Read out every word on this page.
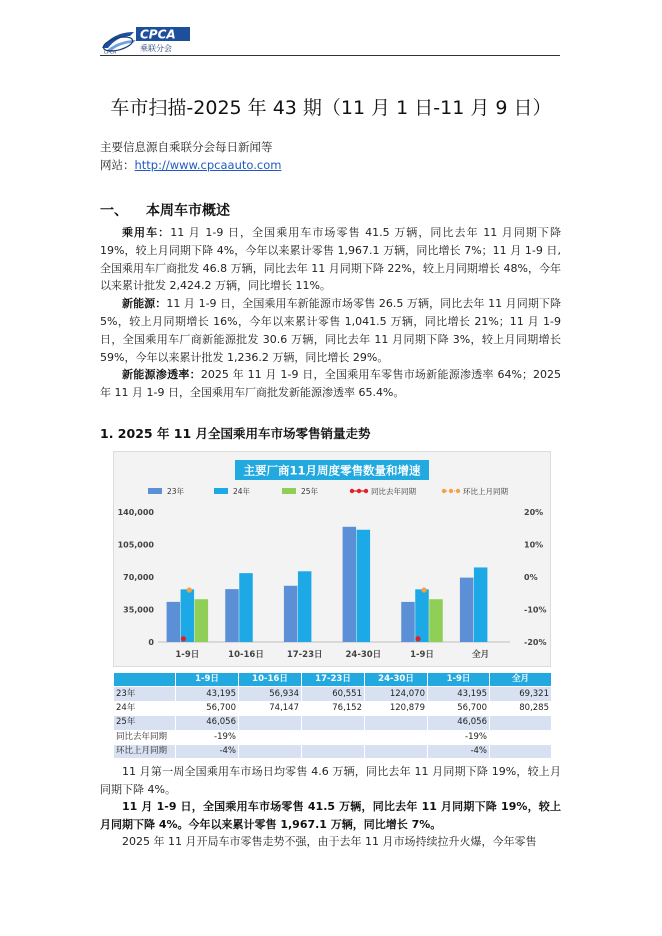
CPCA
乘联分会
CPCA
车市扫描-2025 年 43 期（11 月 1 日-11 月 9 日）
主要信息源自乘联分会每日新闻等
网站：http://www.cpcaauto.com
一、 本周车市概述

乘用车：11 月 1-9 日，全国乘用车市场零售 41.5 万辆，同比去年 11 月同期下降 19%，较上月同期下降 4%，今年以来累计零售 1,967.1 万辆，同比增长 7%；11 月 1-9 日,全国乘用车厂商批发 46.8 万辆，同比去年 11 月同期下降 22%，较上月同期增长 48%，今年以来累计批发 2,424.2 万辆，同比增长 11%。

新能源：11 月 1-9 日，全国乘用车新能源市场零售 26.5 万辆，同比去年 11 月同期下降 5%，较上月同期增长 16%，今年以来累计零售 1,041.5 万辆，同比增长 21%；11 月 1-9 日，全国乘用车厂商新能源批发 30.6 万辆，同比去年 11 月同期下降 3%，较上月同期增长 59%，今年以来累计批发 1,236.2 万辆，同比增长 29%。

新能源渗透率：2025 年 11 月 1-9 日，全国乘用车零售市场新能源渗透率 64%；2025 年 11 月 1-9 日，全国乘用车厂商批发新能源渗透率 65.4%。

1. 2025 年 11 月全国乘用车市场零售销量走势
主要厂商11月周度零售数量和增速
23年	24年	25年	同比去年同期	环比上月同期
0
35,000
70,000
105,000
140,000
-20%
-10%
0%
10%
20%
1-9日	10-16日	17-23日	24-30日	1-9日	全月
	1-9日	10-16日	17-23日	24-30日	1-9日	全月
23年	43,195	56,934	60,551	124,070	43,195	69,321
24年	56,700	74,147	76,152	120,879	56,700	80,285
25年	46,056				46,056	
同比去年同期	-19%				-19%	
环比上月同期	-4%				-4%	

11 月第一周全国乘用车市场日均零售 4.6 万辆，同比去年 11 月同期下降 19%，较上月同期下降 4%。

11 月 1-9 日，全国乘用车市场零售 41.5 万辆，同比去年 11 月同期下降 19%，较上月同期下降 4%。今年以来累计零售 1,967.1 万辆，同比增长 7%。

2025 年 11 月开局车市零售走势不强，由于去年 11 月市场持续拉升火爆，今年零售
